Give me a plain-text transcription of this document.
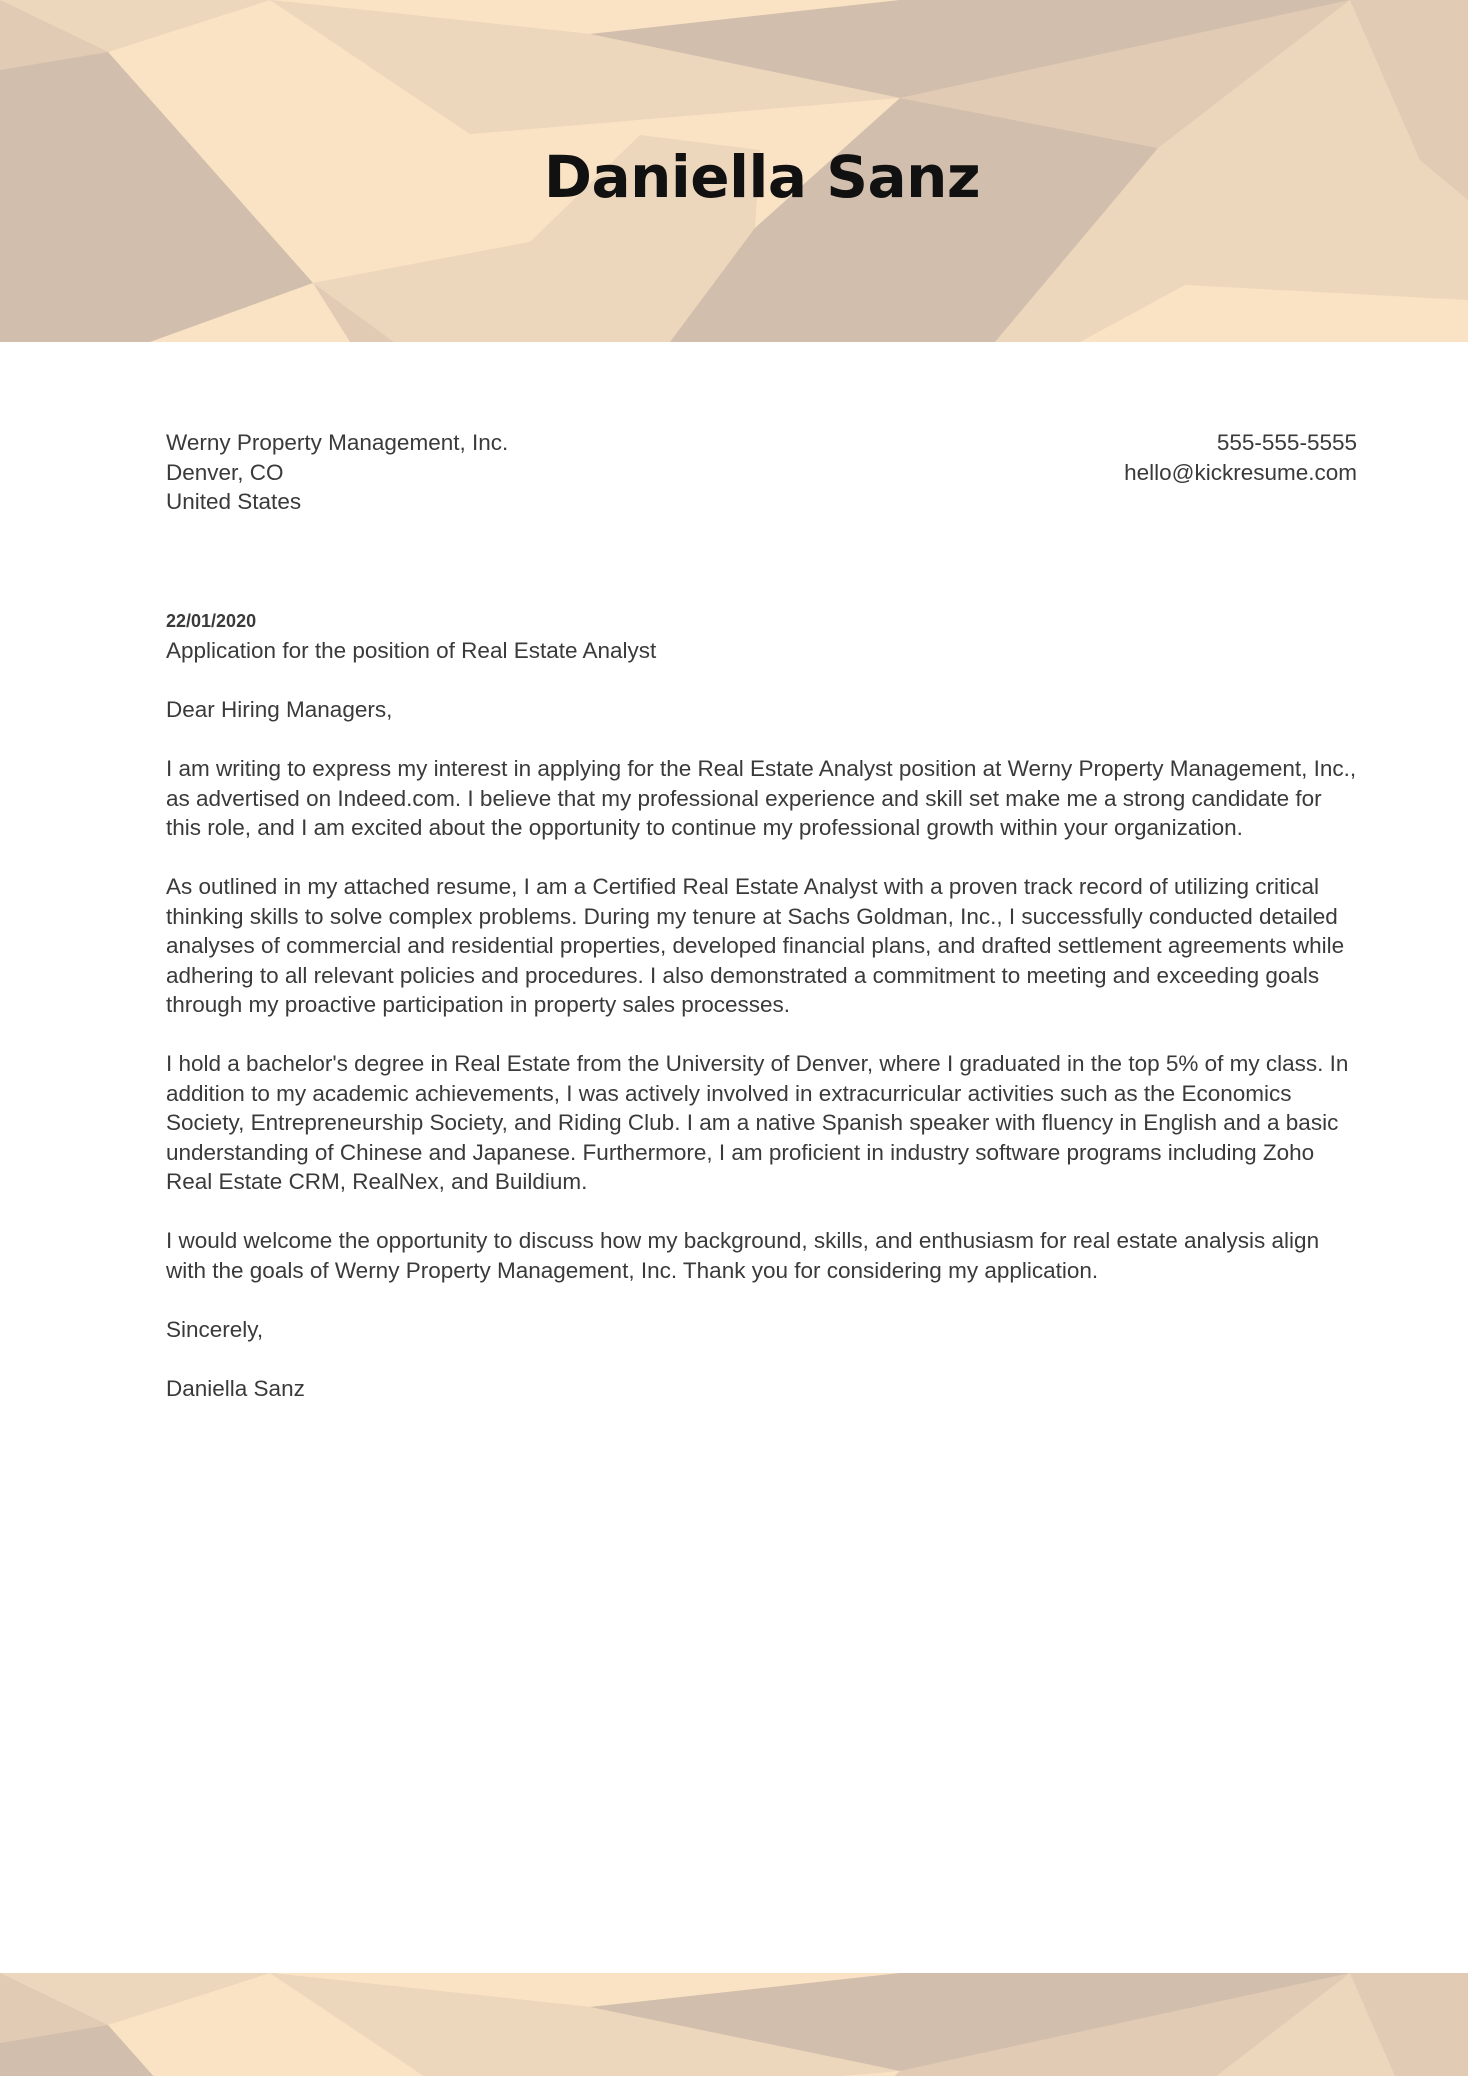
Daniella Sanz
Werny Property Management, Inc.
Denver, CO
United States
555-555-5555
hello@kickresume.com
22/01/2020

Application for the position of Real Estate Analyst

Dear Hiring Managers,

I am writing to express my interest in applying for the Real Estate Analyst position at Werny Property Management, Inc., as advertised on Indeed.com. I believe that my professional experience and skill set make me a strong candidate for this role, and I am excited about the opportunity to continue my professional growth within your organization.

As outlined in my attached resume, I am a Certified Real Estate Analyst with a proven track record of utilizing critical thinking skills to solve complex problems. During my tenure at Sachs Goldman, Inc., I successfully conducted detailed analyses of commercial and residential properties, developed financial plans, and drafted settlement agreements while adhering to all relevant policies and procedures. I also demonstrated a commitment to meeting and exceeding goals through my proactive participation in property sales processes.

I hold a bachelor's degree in Real Estate from the University of Denver, where I graduated in the top 5% of my class. In addition to my academic achievements, I was actively involved in extracurricular activities such as the Economics Society, Entrepreneurship Society, and Riding Club. I am a native Spanish speaker with fluency in English and a basic understanding of Chinese and Japanese. Furthermore, I am proficient in industry software programs including Zoho Real Estate CRM, RealNex, and Buildium.

I would welcome the opportunity to discuss how my background, skills, and enthusiasm for real estate analysis align with the goals of Werny Property Management, Inc. Thank you for considering my application.

Sincerely,

Daniella Sanz
